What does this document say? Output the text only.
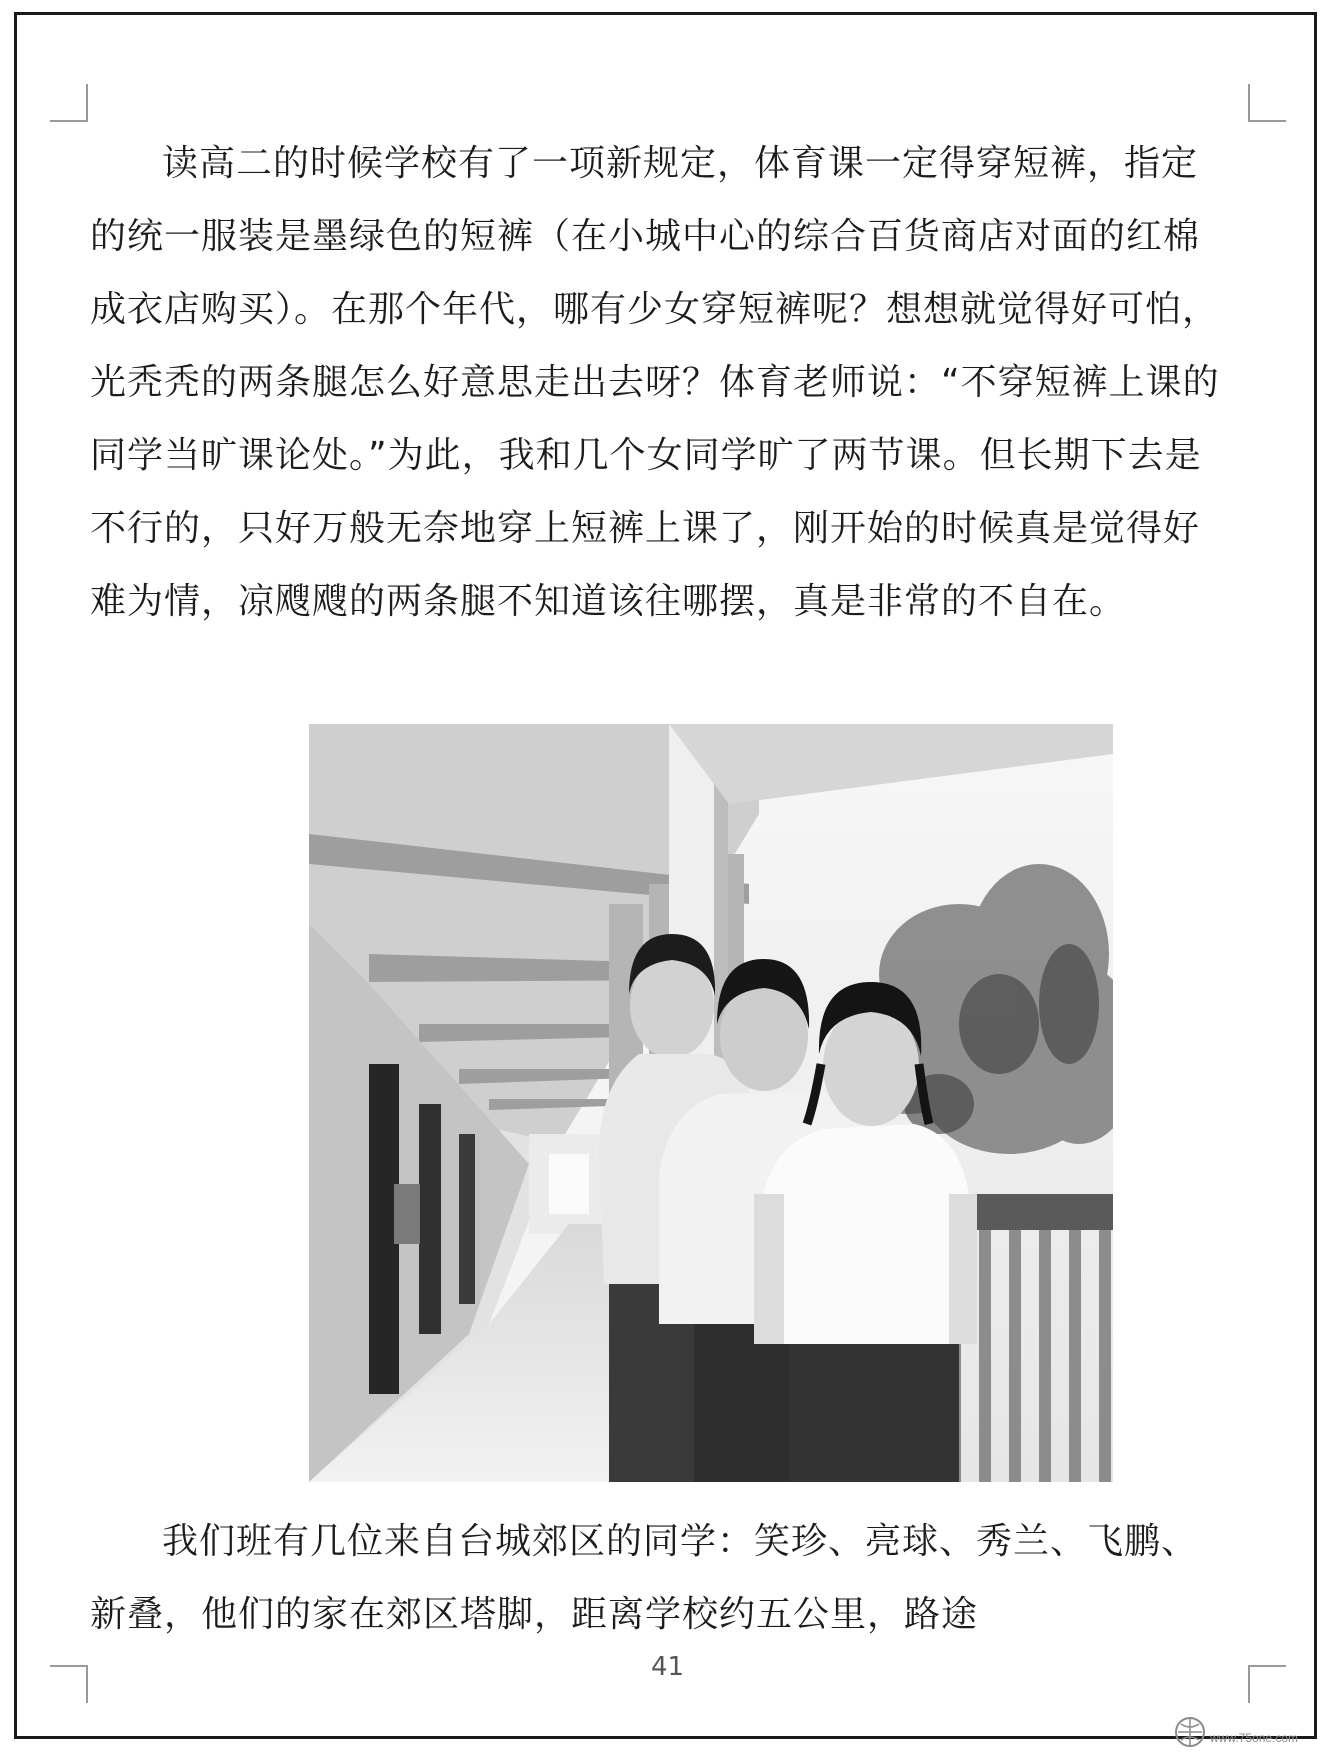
读高二的时候学校有了一项新规定，体育课一定得穿短裤，指定的统一服装是墨绿色的短裤（在小城中心的综合百货商店对面的红棉成衣店购买）。在那个年代，哪有少女穿短裤呢？想想就觉得好可怕，光秃秃的两条腿怎么好意思走出去呀？体育老师说：“不穿短裤上课的同学当旷课论处。”为此，我和几个女同学旷了两节课。但长期下去是不行的，只好万般无奈地穿上短裤上课了，刚开始的时候真是觉得好难为情，凉飕飕的两条腿不知道该往哪摆，真是非常的不自在。

我们班有几位来自台城郊区的同学：笑珍、亮球、秀兰、飞鹏、新叠，他们的家在郊区塔脚，距离学校约五公里，路途

41
www.75one.com
